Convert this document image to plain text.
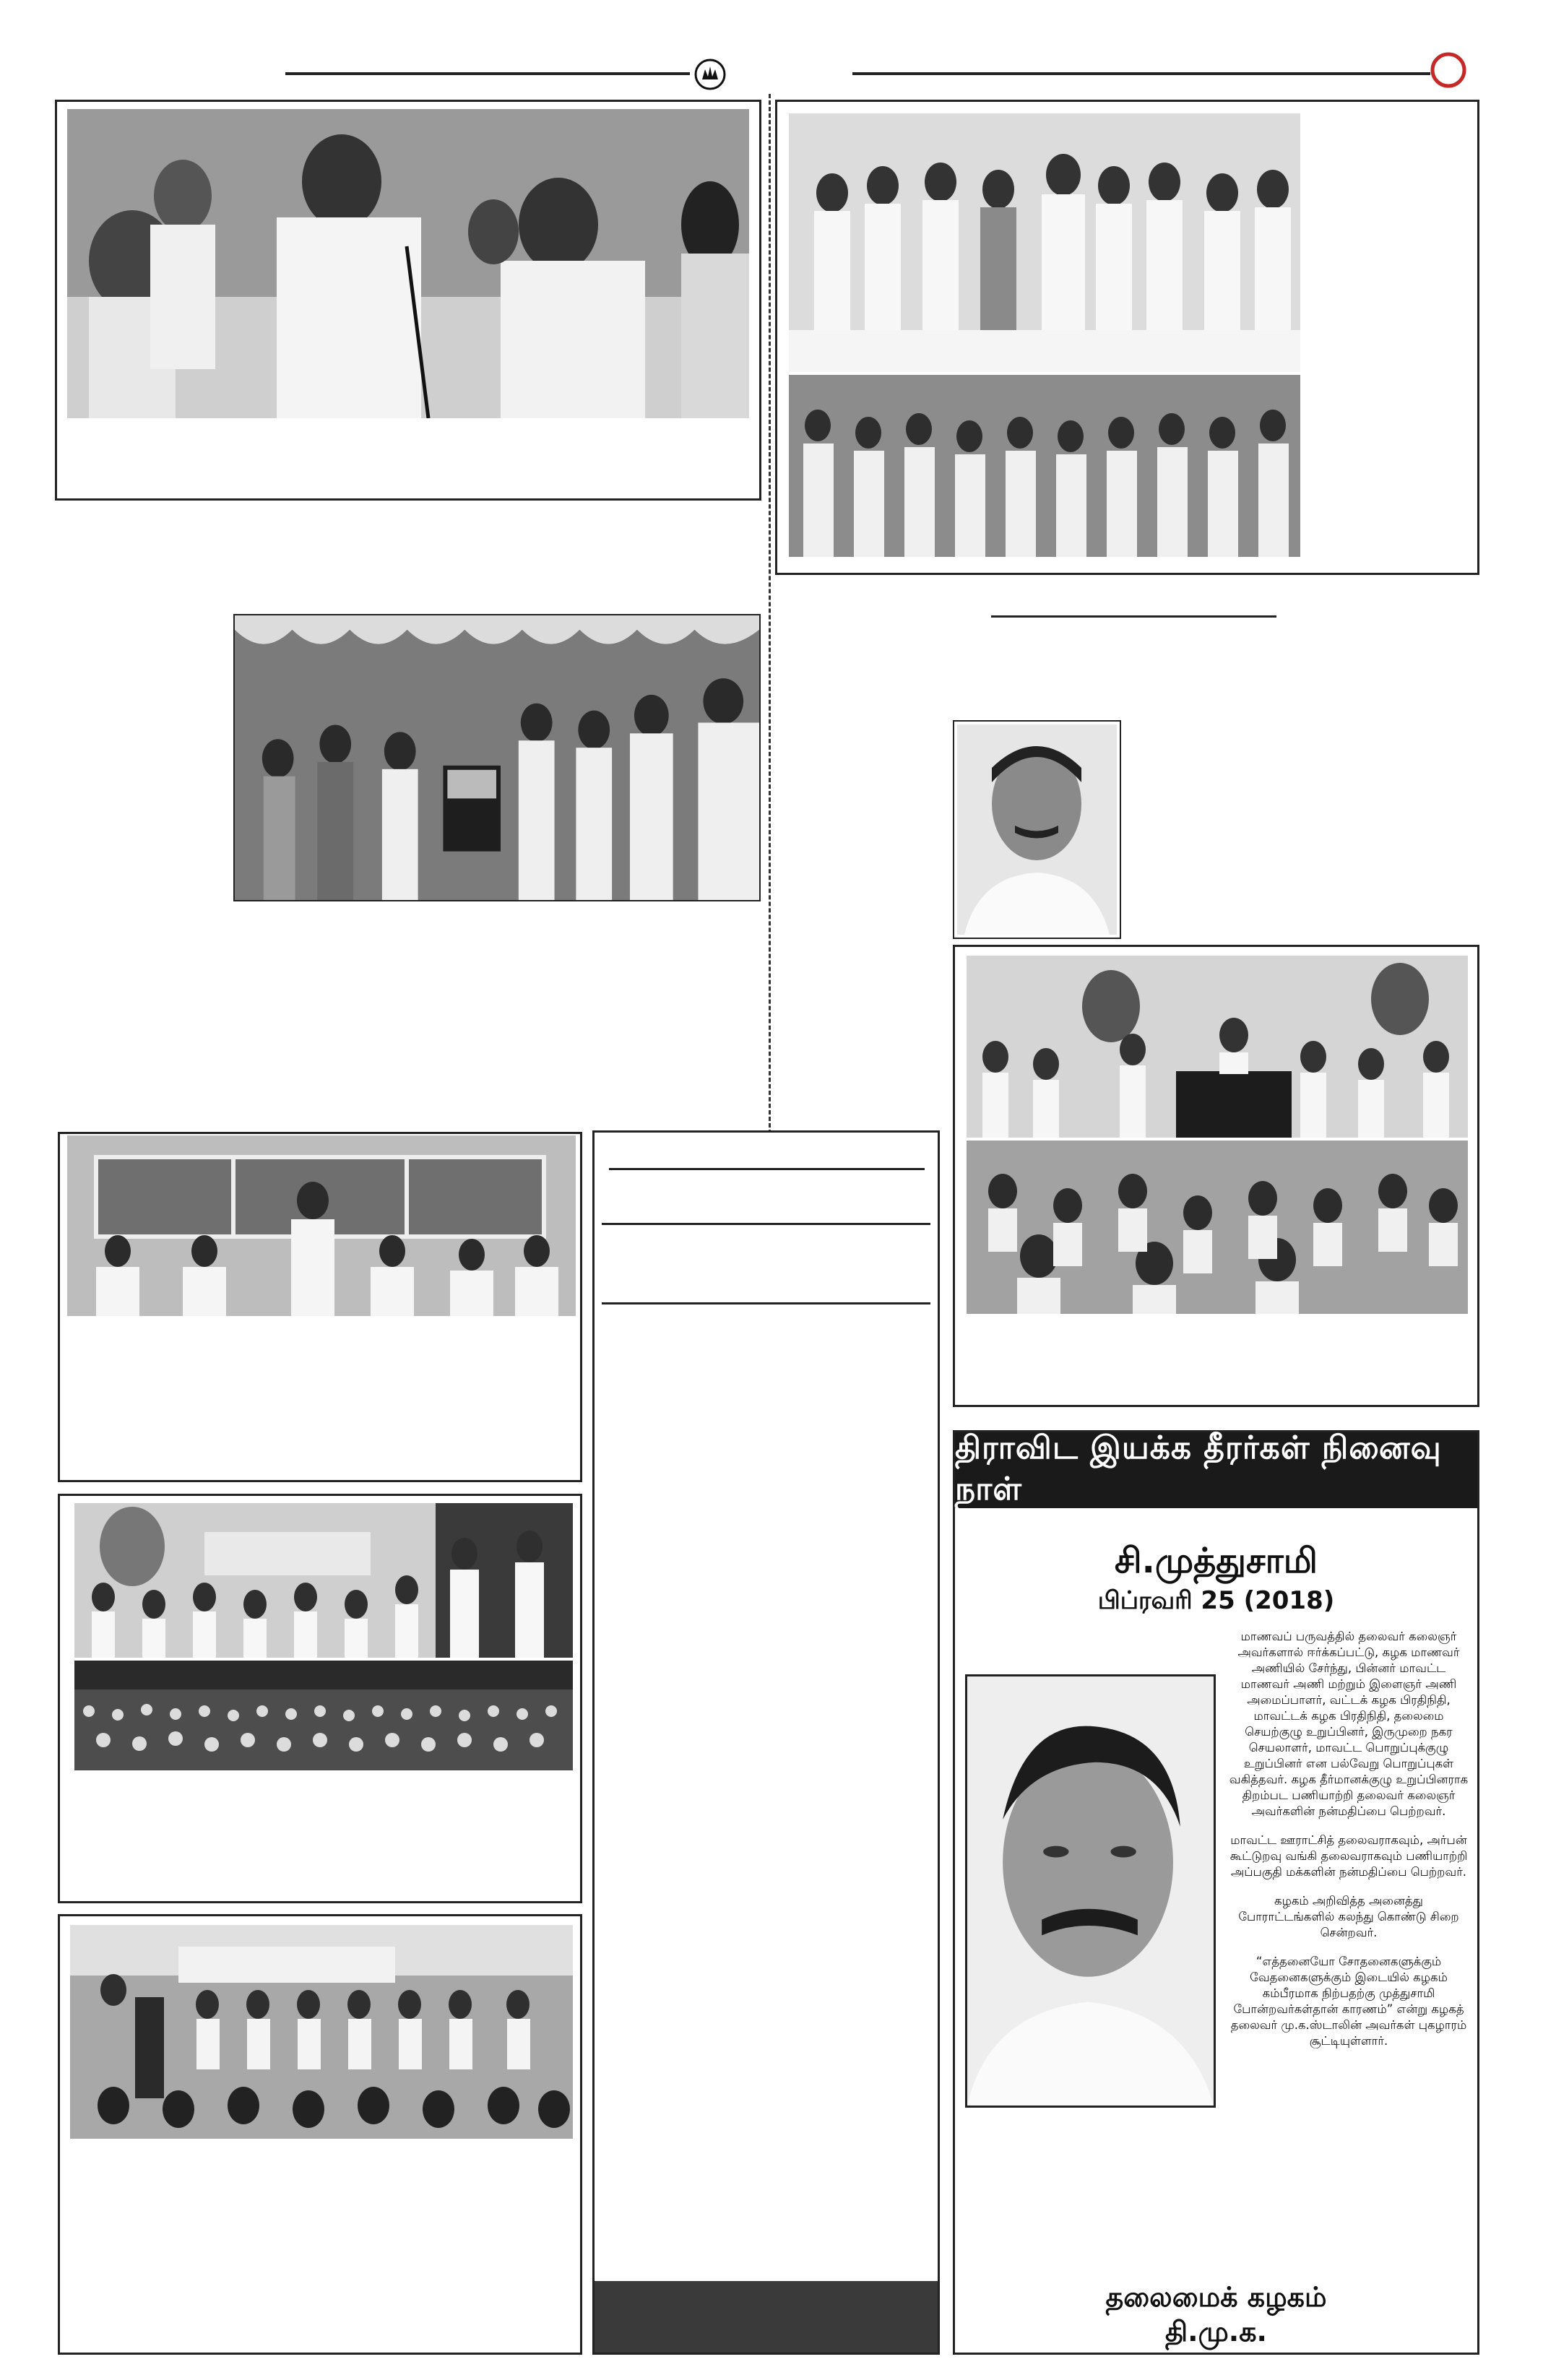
திராவிட இயக்க தீரர்கள் நினைவு நாள்
சி.முத்துசாமி
பிப்ரவரி 25 (2018)

மாணவப் பருவத்தில் தலைவர் கலைஞர் அவர்களால் ஈர்க்கப்பட்டு, கழக மாணவர் அணியில் சேர்ந்து, பின்னர் மாவட்ட மாணவர் அணி மற்றும் இளைஞர் அணி அமைப்பாளர், வட்டக் கழக பிரதிநிதி, மாவட்டக் கழக பிரதிநிதி, தலைமை செயற்குழு உறுப்பினர், இருமுறை நகர செயலாளர், மாவட்ட பொறுப்புக்குழு உறுப்பினர் என பல்வேறு பொறுப்புகள் வகித்தவர். கழக தீர்மானக்குழு உறுப்பினராக திறம்பட பணியாற்றி தலைவர் கலைஞர் அவர்களின் நன்மதிப்பை பெற்றவர்.

மாவட்ட ஊராட்சித் தலைவராகவும், அர்பன் கூட்டுறவு வங்கி தலைவராகவும் பணியாற்றி அப்பகுதி மக்களின் நன்மதிப்பை பெற்றவர்.

கழகம் அறிவித்த அனைத்து போராட்டங்களில் கலந்து கொண்டு சிறை சென்றவர்.

“எத்தனையோ சோதனைகளுக்கும் வேதனைகளுக்கும் இடையில் கழகம் கம்பீரமாக நிற்பதற்கு முத்துசாமி போன்றவர்கள்தான் காரணம்” என்று கழகத் தலைவர் மு.க.ஸ்டாலின் அவர்கள் புகழாரம் சூட்டியுள்ளார்.

தலைமைக் கழகம்
தி.மு.க.
